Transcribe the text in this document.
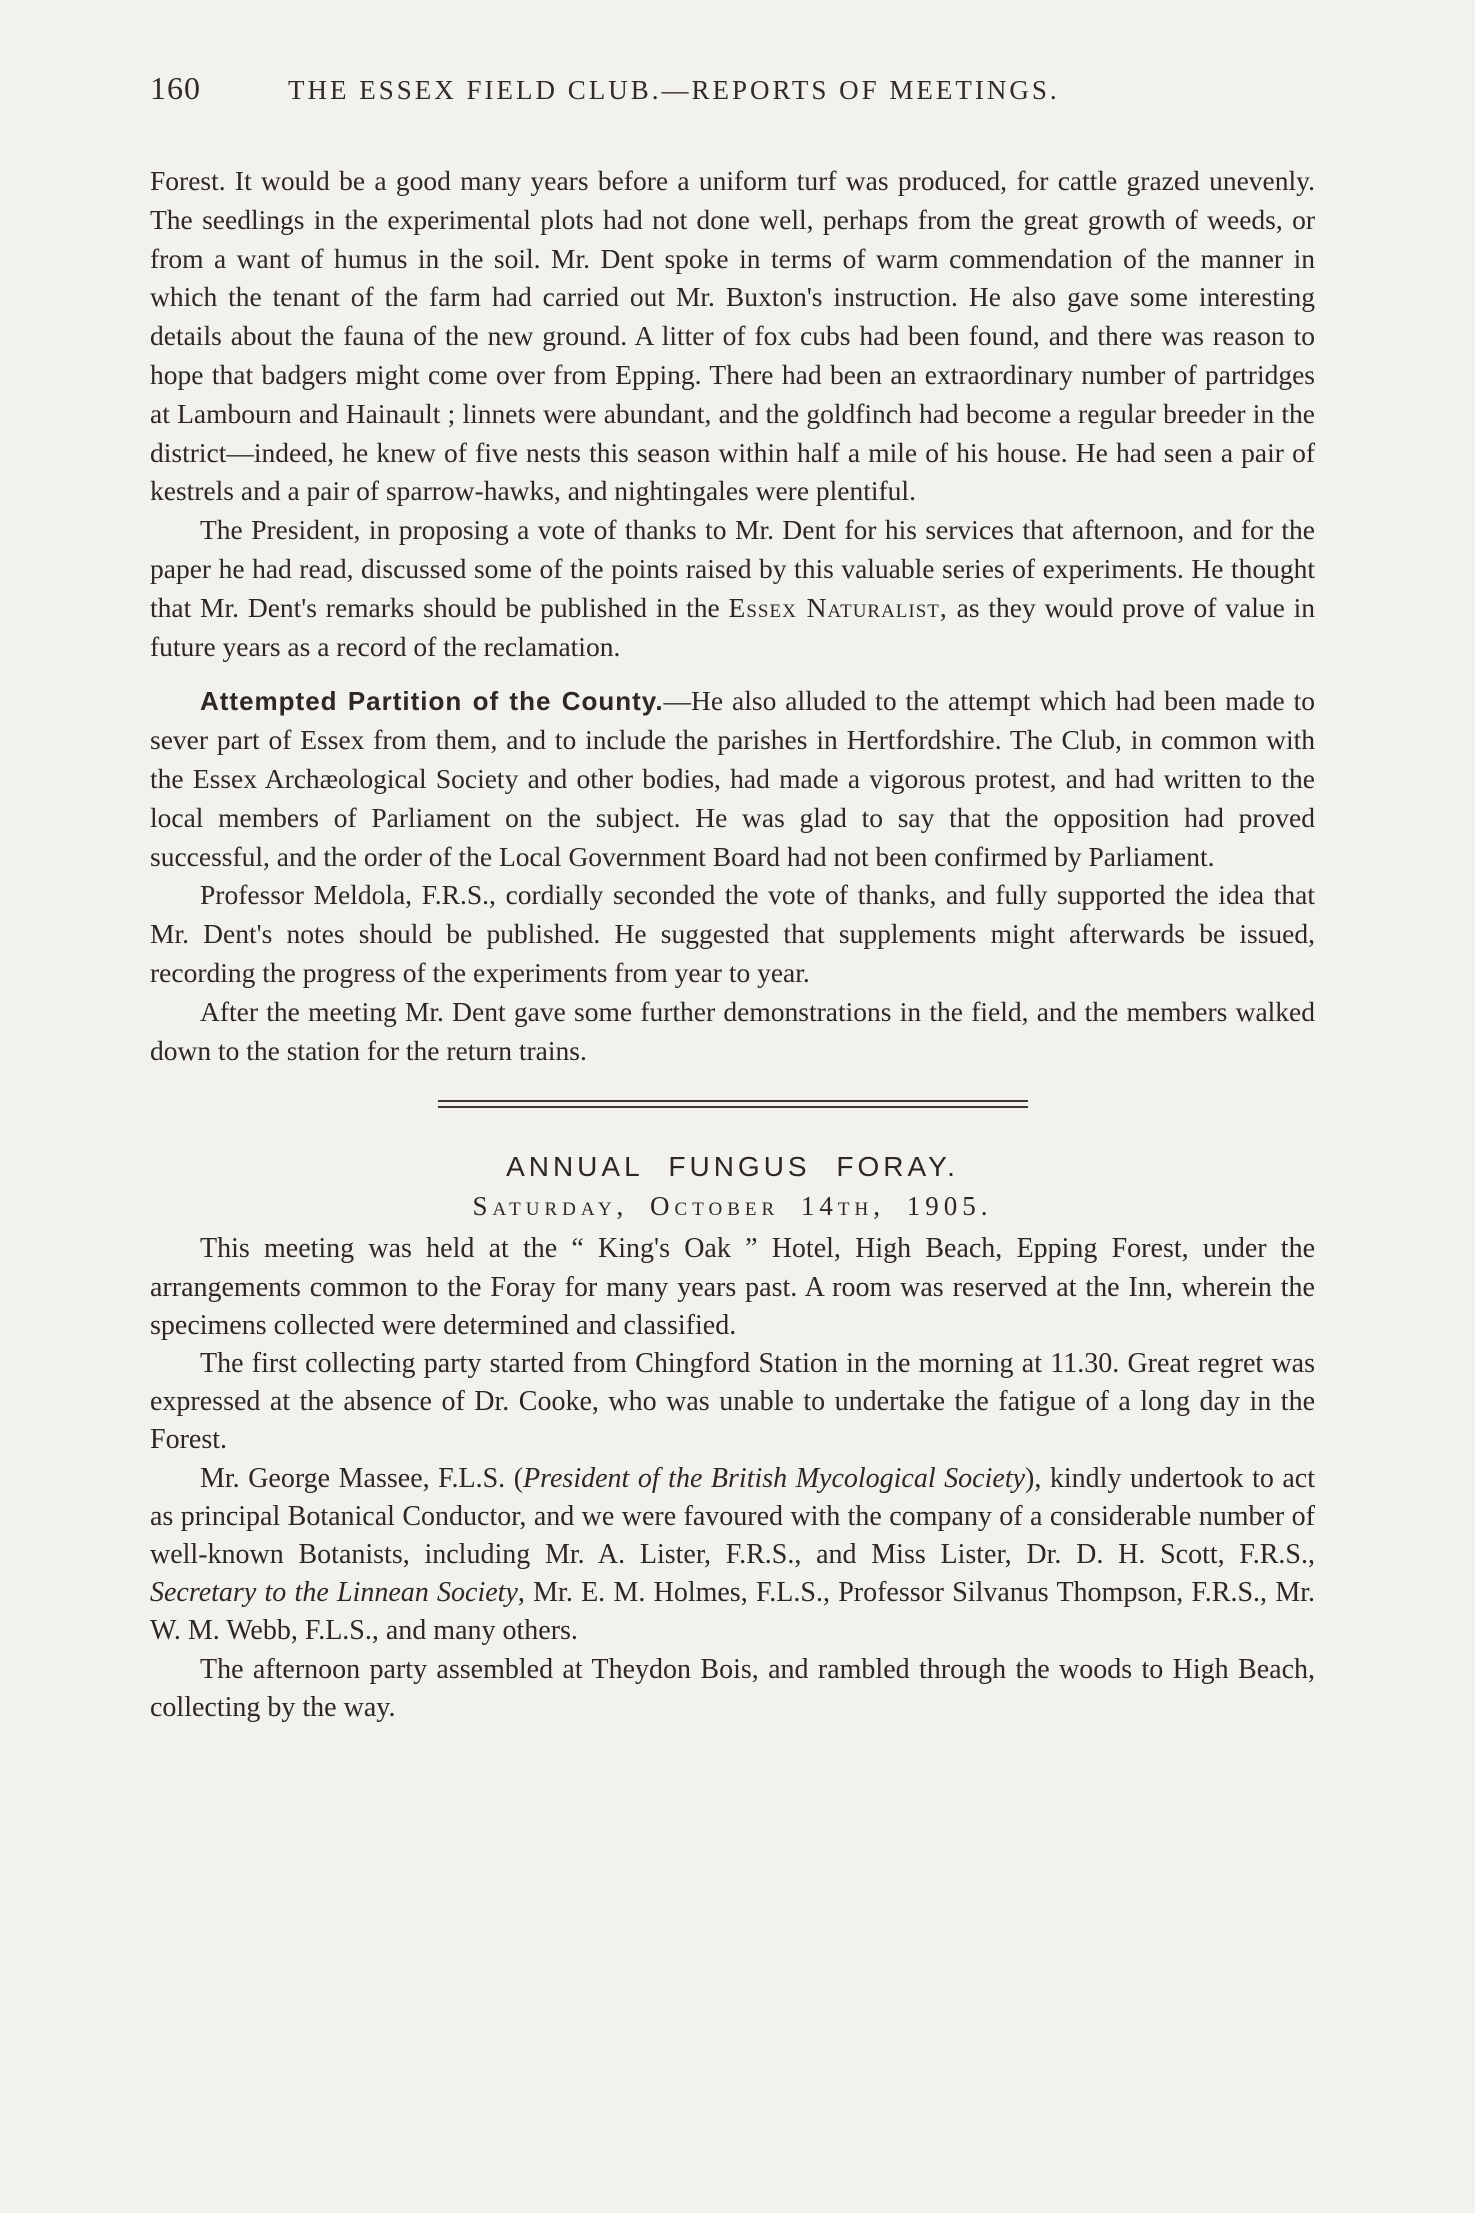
160	THE ESSEX FIELD CLUB.—REPORTS OF MEETINGS.

Forest. It would be a good many years before a uniform turf was produced, for cattle grazed unevenly. The seedlings in the experimental plots had not done well, perhaps from the great growth of weeds, or from a want of humus in the soil. Mr. Dent spoke in terms of warm commendation of the manner in which the tenant of the farm had carried out Mr. Buxton's instruction. He also gave some interesting details about the fauna of the new ground. A litter of fox cubs had been found, and there was reason to hope that badgers might come over from Epping. There had been an extraordinary number of partridges at Lambourn and Hainault ; linnets were abundant, and the goldfinch had become a regular breeder in the district—indeed, he knew of five nests this season within half a mile of his house. He had seen a pair of kestrels and a pair of sparrow-hawks, and nightingales were plentiful.

The President, in proposing a vote of thanks to Mr. Dent for his services that afternoon, and for the paper he had read, discussed some of the points raised by this valuable series of experiments. He thought that Mr. Dent's remarks should be published in the Essex Naturalist, as they would prove of value in future years as a record of the reclamation.

Attempted Partition of the County.—He also alluded to the attempt which had been made to sever part of Essex from them, and to include the parishes in Hertfordshire. The Club, in common with the Essex Archæological Society and other bodies, had made a vigorous protest, and had written to the local members of Parliament on the subject. He was glad to say that the opposition had proved successful, and the order of the Local Government Board had not been confirmed by Parliament.

Professor Meldola, F.R.S., cordially seconded the vote of thanks, and fully supported the idea that Mr. Dent's notes should be published. He suggested that supplements might afterwards be issued, recording the progress of the experiments from year to year.

After the meeting Mr. Dent gave some further demonstrations in the field, and the members walked down to the station for the return trains.

ANNUAL FUNGUS FORAY.
Saturday, October 14th, 1905.

This meeting was held at the “ King's Oak ” Hotel, High Beach, Epping Forest, under the arrangements common to the Foray for many years past. A room was reserved at the Inn, wherein the specimens collected were determined and classified.

The first collecting party started from Chingford Station in the morning at 11.30. Great regret was expressed at the absence of Dr. Cooke, who was unable to undertake the fatigue of a long day in the Forest.

Mr. George Massee, F.L.S. (President of the British Mycological Society), kindly undertook to act as principal Botanical Conductor, and we were favoured with the company of a considerable number of well-known Botanists, including Mr. A. Lister, F.R.S., and Miss Lister, Dr. D. H. Scott, F.R.S., Secretary to the Linnean Society, Mr. E. M. Holmes, F.L.S., Professor Silvanus Thompson, F.R.S., Mr. W. M. Webb, F.L.S., and many others.

The afternoon party assembled at Theydon Bois, and rambled through the woods to High Beach, collecting by the way.
